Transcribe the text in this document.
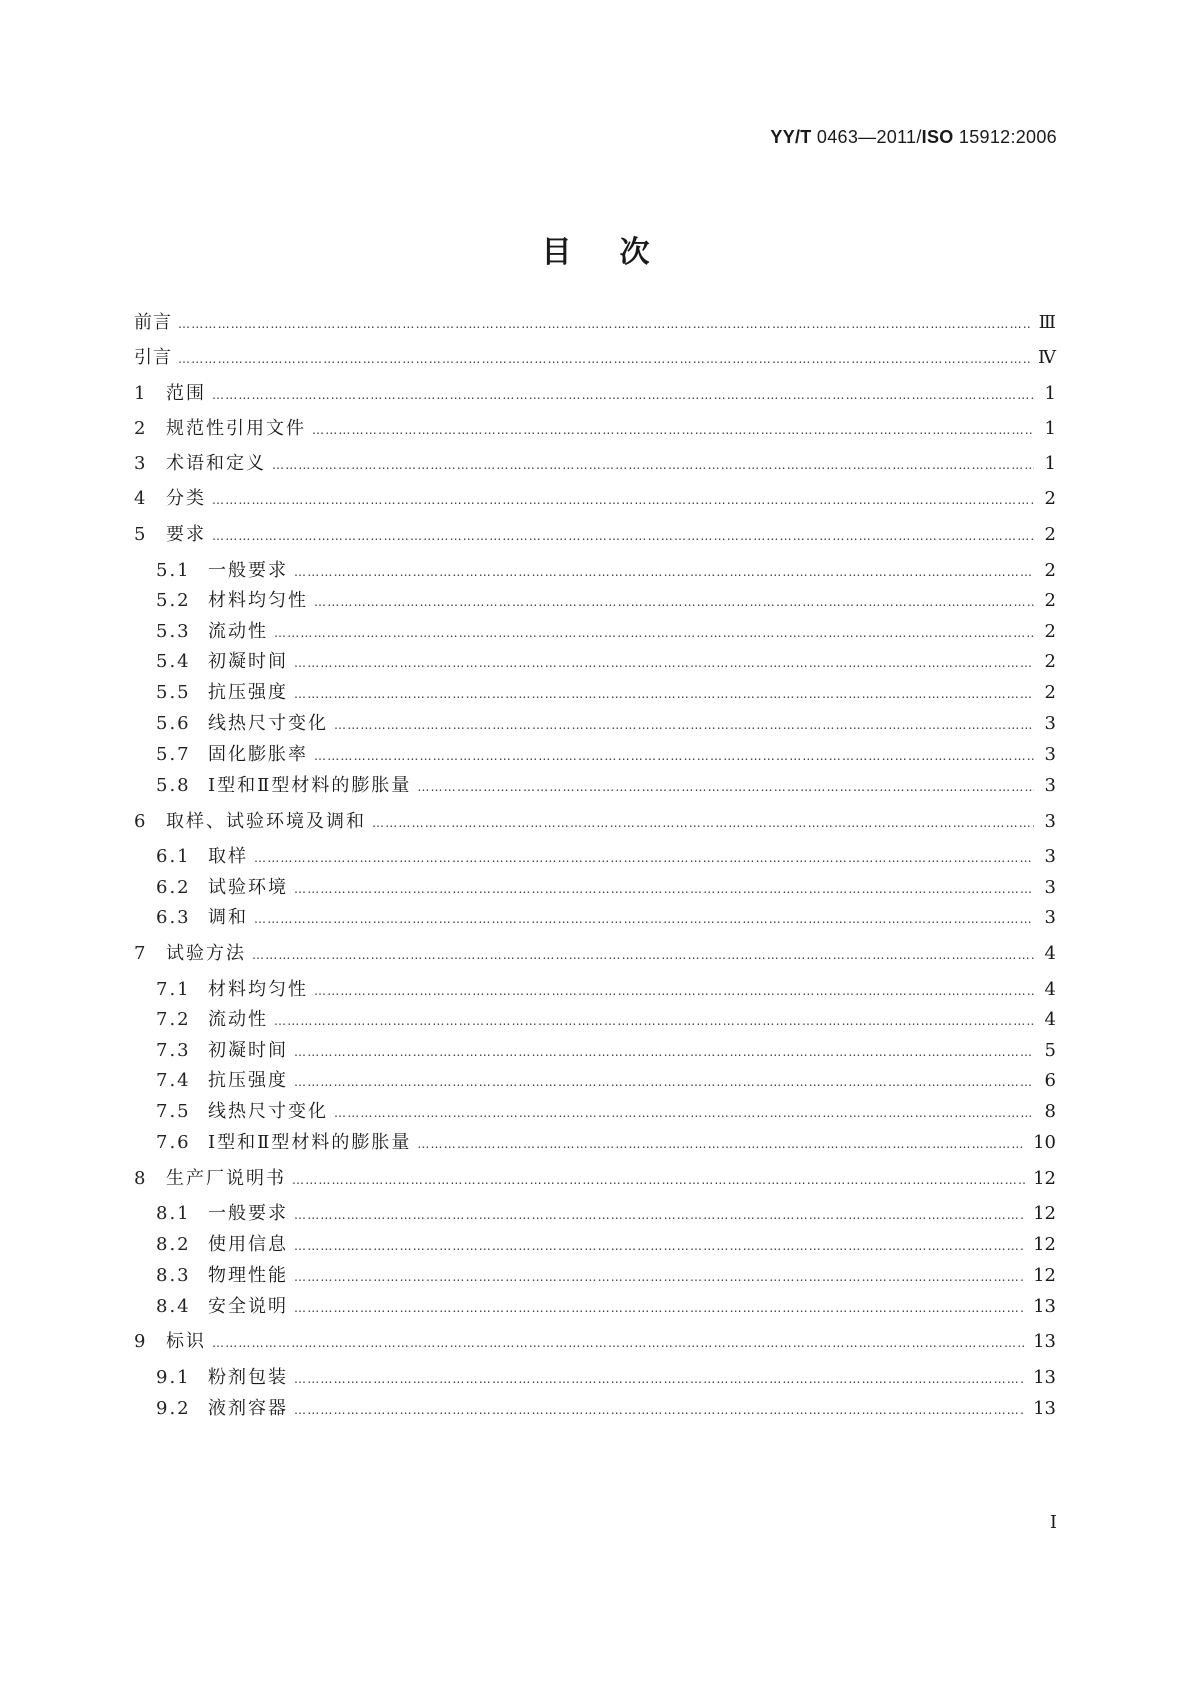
YY/T 0463—2011/ISO 15912:2006
目次
前言 ……………………………………………………………………………………………………………………………………………………………………………………………………………………………………………………	Ⅲ
引言 ……………………………………………………………………………………………………………………………………………………………………………………………………………………………………………………	Ⅳ
1	范围 ……………………………………………………………………………………………………………………………………………………………………………………………………………………………………………………	1
2	规范性引用文件 ……………………………………………………………………………………………………………………………………………………………………………………………………………………………………………………	1
3	术语和定义 ……………………………………………………………………………………………………………………………………………………………………………………………………………………………………………………	1
4	分类 ……………………………………………………………………………………………………………………………………………………………………………………………………………………………………………………	2
5	要求 ……………………………………………………………………………………………………………………………………………………………………………………………………………………………………………………	2
5.1 一般要求 ……………………………………………………………………………………………………………………………………………………………………………………………………………………………………………………	2
5.2 材料均匀性 ……………………………………………………………………………………………………………………………………………………………………………………………………………………………………………………	2
5.3 流动性 ……………………………………………………………………………………………………………………………………………………………………………………………………………………………………………………	2
5.4 初凝时间 ……………………………………………………………………………………………………………………………………………………………………………………………………………………………………………………	2
5.5 抗压强度 ……………………………………………………………………………………………………………………………………………………………………………………………………………………………………………………	2
5.6 线热尺寸变化 ……………………………………………………………………………………………………………………………………………………………………………………………………………………………………………………	3
5.7 固化膨胀率 ……………………………………………………………………………………………………………………………………………………………………………………………………………………………………………………	3
5.8 Ⅰ型和Ⅱ型材料的膨胀量 ……………………………………………………………………………………………………………………………………………………………………………………………………………………………………………………	3
6	取样、试验环境及调和 ……………………………………………………………………………………………………………………………………………………………………………………………………………………………………………………	3
6.1 取样 ……………………………………………………………………………………………………………………………………………………………………………………………………………………………………………………	3
6.2 试验环境 ……………………………………………………………………………………………………………………………………………………………………………………………………………………………………………………	3
6.3 调和 ……………………………………………………………………………………………………………………………………………………………………………………………………………………………………………………	3
7	试验方法 ……………………………………………………………………………………………………………………………………………………………………………………………………………………………………………………	4
7.1 材料均匀性 ……………………………………………………………………………………………………………………………………………………………………………………………………………………………………………………	4
7.2 流动性 ……………………………………………………………………………………………………………………………………………………………………………………………………………………………………………………	4
7.3 初凝时间 ……………………………………………………………………………………………………………………………………………………………………………………………………………………………………………………	5
7.4 抗压强度 ……………………………………………………………………………………………………………………………………………………………………………………………………………………………………………………	6
7.5 线热尺寸变化 ……………………………………………………………………………………………………………………………………………………………………………………………………………………………………………………	8
7.6 Ⅰ型和Ⅱ型材料的膨胀量 ……………………………………………………………………………………………………………………………………………………………………………………………………………………………………………………	10
8	生产厂说明书 ……………………………………………………………………………………………………………………………………………………………………………………………………………………………………………………	12
8.1 一般要求 ……………………………………………………………………………………………………………………………………………………………………………………………………………………………………………………	12
8.2 使用信息 ……………………………………………………………………………………………………………………………………………………………………………………………………………………………………………………	12
8.3 物理性能 ……………………………………………………………………………………………………………………………………………………………………………………………………………………………………………………	12
8.4 安全说明 ……………………………………………………………………………………………………………………………………………………………………………………………………………………………………………………	13
9	标识 ……………………………………………………………………………………………………………………………………………………………………………………………………………………………………………………	13
9.1 粉剂包装 ……………………………………………………………………………………………………………………………………………………………………………………………………………………………………………………	13
9.2 液剂容器 ……………………………………………………………………………………………………………………………………………………………………………………………………………………………………………………	13
I
